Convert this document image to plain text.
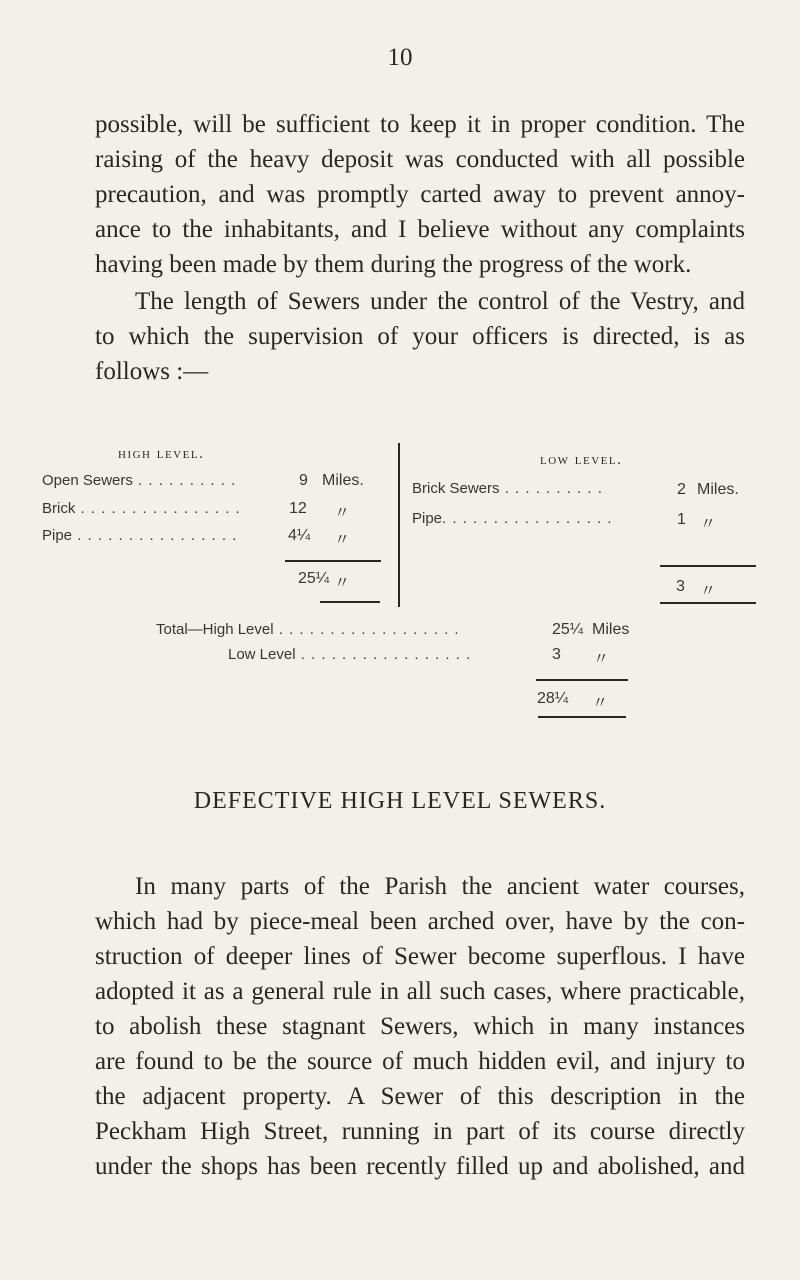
10

possible, will be sufficient to keep it in proper condition. The
raising of the heavy deposit was conducted with all possible
precaution, and was promptly carted away to prevent annoy-
ance to the inhabitants, and I believe without any complaints
having been made by them during the progress of the work.

The length of Sewers under the control of the Vestry, and
to which the supervision of your officers is directed, is as
follows :—

high level.
Open Sewers . . . . . . . . . .	9 Miles.
Brick . . . . . . . . . . . . . . . .	12 〃
Pipe . . . . . . . . . . . . . . . .	4¼ 〃
25¼ 〃
low level.
Brick Sewers . . . . . . . . . .	2 Miles.
Pipe. . . . . . . . . . . . . . . . .	1 〃
3 〃
Total—High Level . . . . . . . . . . . . . . . . . .	25¼ Miles
Low Level . . . . . . . . . . . . . . . . .	3 〃
28¼ 〃
DEFECTIVE HIGH LEVEL SEWERS.

In many parts of the Parish the ancient water courses,
which had by piece-meal been arched over, have by the con-
struction of deeper lines of Sewer become superflous. I have
adopted it as a general rule in all such cases, where practicable,
to abolish these stagnant Sewers, which in many instances
are found to be the source of much hidden evil, and injury to
the adjacent property. A Sewer of this description in the
Peckham High Street, running in part of its course directly
under the shops has been recently filled up and abolished, and
